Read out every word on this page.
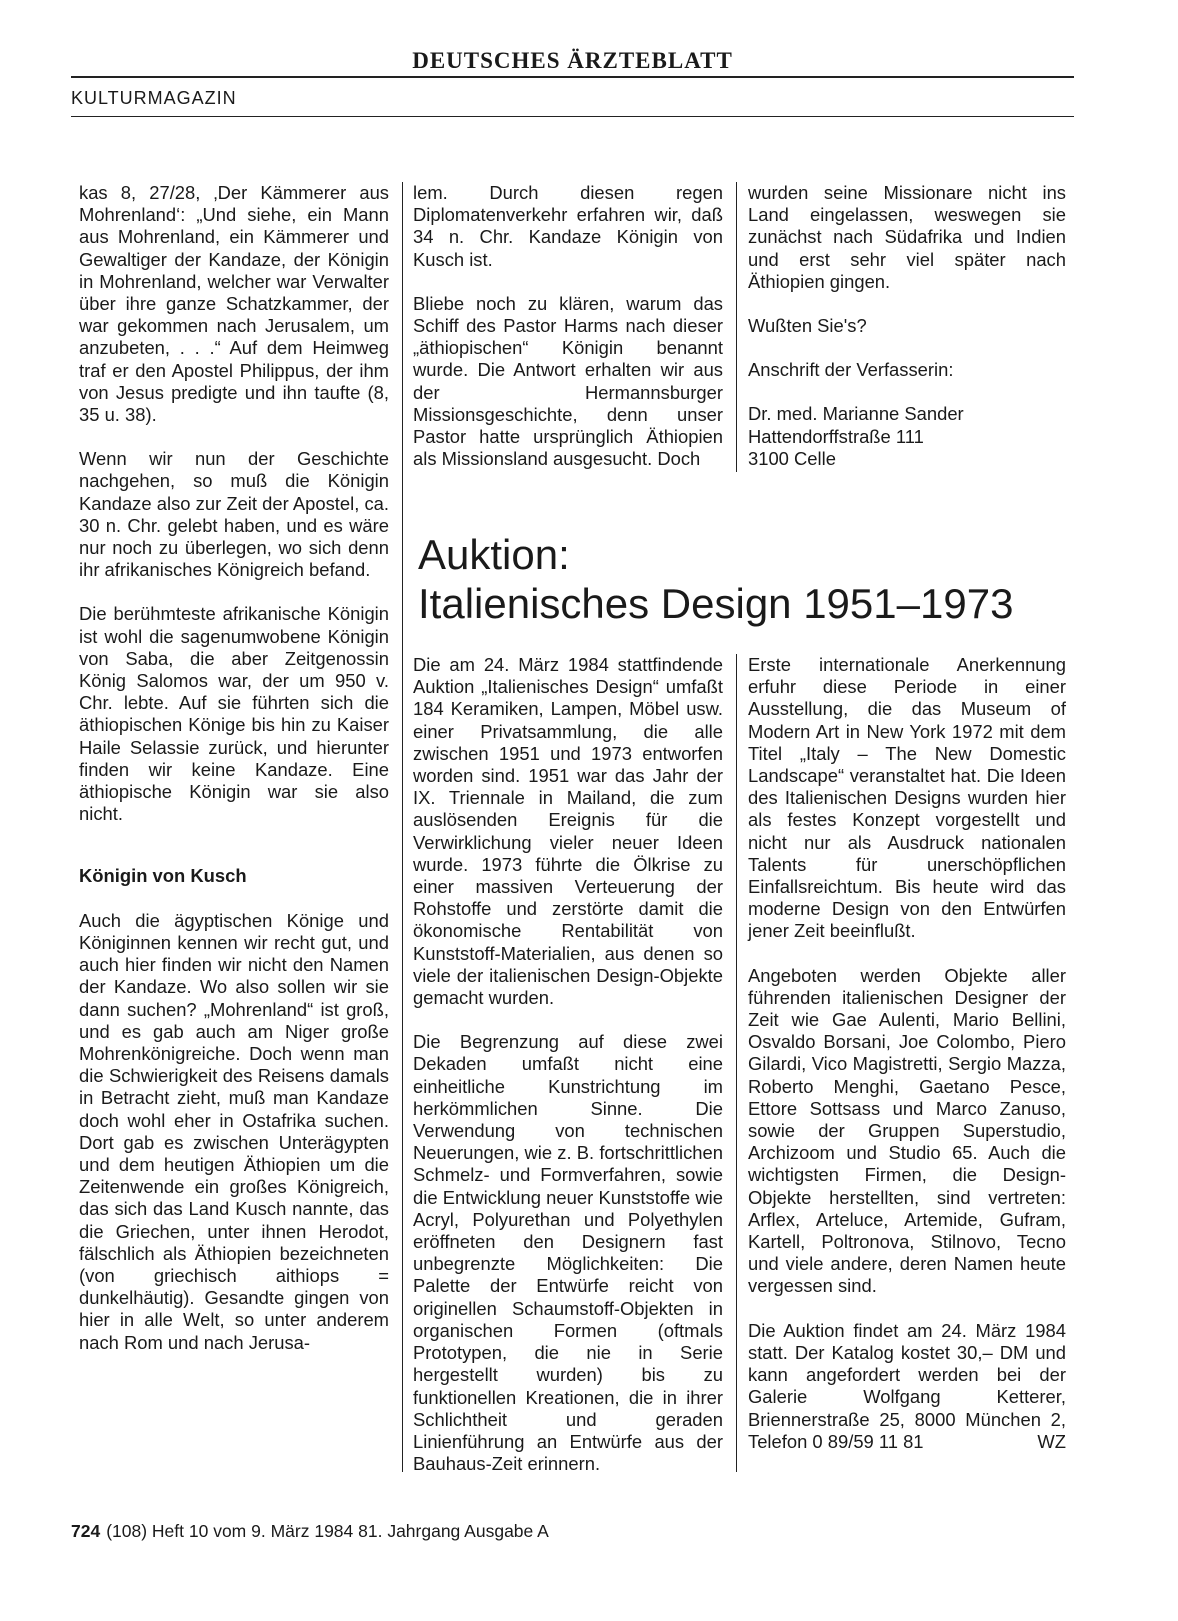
DEUTSCHES ÄRZTEBLATT
KULTURMAGAZIN

kas 8, 27/28, ‚Der Kämmerer aus Mohrenland‘: „Und siehe, ein Mann aus Mohrenland, ein Kämmerer und Gewaltiger der Kandaze, der Königin in Mohrenland, welcher war Verwalter über ihre ganze Schatzkammer, der war gekommen nach Jerusalem, um anzubeten, . . .“ Auf dem Heimweg traf er den Apostel Philippus, der ihm von Jesus predigte und ihn taufte (8, 35 u. 38).

Wenn wir nun der Geschichte nachgehen, so muß die Königin Kandaze also zur Zeit der Apostel, ca. 30 n. Chr. gelebt haben, und es wäre nur noch zu überlegen, wo sich denn ihr afrikanisches Königreich befand.

Die berühmteste afrikanische Königin ist wohl die sagenumwobene Königin von Saba, die aber Zeitgenossin König Salomos war, der um 950 v. Chr. lebte. Auf sie führten sich die äthiopischen Könige bis hin zu Kaiser Haile Selassie zurück, und hierunter finden wir keine Kandaze. Eine äthiopische Königin war sie also nicht.

Königin von Kusch

Auch die ägyptischen Könige und Königinnen kennen wir recht gut, und auch hier finden wir nicht den Namen der Kandaze. Wo also sollen wir sie dann suchen? „Mohrenland“ ist groß, und es gab auch am Niger große Mohrenkönigreiche. Doch wenn man die Schwierigkeit des Reisens damals in Betracht zieht, muß man Kandaze doch wohl eher in Ostafrika suchen. Dort gab es zwischen Unterägypten und dem heutigen Äthiopien um die Zeitenwende ein großes Königreich, das sich das Land Kusch nannte, das die Griechen, unter ihnen Herodot, fälschlich als Äthiopien bezeichneten (von griechisch aithiops = dunkelhäutig). Gesandte gingen von hier in alle Welt, so unter anderem nach Rom und nach Jerusa-

lem. Durch diesen regen Diplomatenverkehr erfahren wir, daß 34 n. Chr. Kandaze Königin von Kusch ist.

Bliebe noch zu klären, warum das Schiff des Pastor Harms nach dieser „äthiopischen“ Königin benannt wurde. Die Antwort erhalten wir aus der Hermannsburger Missionsgeschichte, denn unser Pastor hatte ursprünglich Äthiopien als Missionsland ausgesucht. Doch

wurden seine Missionare nicht ins Land eingelassen, weswegen sie zunächst nach Südafrika und Indien und erst sehr viel später nach Äthiopien gingen.

Wußten Sie's?

Anschrift der Verfasserin:

Dr. med. Marianne Sander
Hattendorffstraße 111
3100 Celle
Auktion:
Italienisches Design 1951–1973

Die am 24. März 1984 stattfindende Auktion „Italienisches Design“ umfaßt 184 Keramiken, Lampen, Möbel usw. einer Privatsammlung, die alle zwischen 1951 und 1973 entworfen worden sind. 1951 war das Jahr der IX. Triennale in Mailand, die zum auslösenden Ereignis für die Verwirklichung vieler neuer Ideen wurde. 1973 führte die Ölkrise zu einer massiven Verteuerung der Rohstoffe und zerstörte damit die ökonomische Rentabilität von Kunststoff-Materialien, aus denen so viele der italienischen Design-Objekte gemacht wurden.

Die Begrenzung auf diese zwei Dekaden umfaßt nicht eine einheitliche Kunstrichtung im herkömmlichen Sinne. Die Verwendung von technischen Neuerungen, wie z. B. fortschrittlichen Schmelz- und Formverfahren, sowie die Entwicklung neuer Kunststoffe wie Acryl, Polyurethan und Polyethylen eröffneten den Designern fast unbegrenzte Möglichkeiten: Die Palette der Entwürfe reicht von originellen Schaumstoff-Objekten in organischen Formen (oftmals Prototypen, die nie in Serie hergestellt wurden) bis zu funktionellen Kreationen, die in ihrer Schlichtheit und geraden Linienführung an Entwürfe aus der Bauhaus-Zeit erinnern.

Erste internationale Anerkennung erfuhr diese Periode in einer Ausstellung, die das Museum of Modern Art in New York 1972 mit dem Titel „Italy – The New Domestic Landscape“ veranstaltet hat. Die Ideen des Italienischen Designs wurden hier als festes Konzept vorgestellt und nicht nur als Ausdruck nationalen Talents für unerschöpflichen Einfallsreichtum. Bis heute wird das moderne Design von den Entwürfen jener Zeit beeinflußt.

Angeboten werden Objekte aller führenden italienischen Designer der Zeit wie Gae Aulenti, Mario Bellini, Osvaldo Borsani, Joe Colombo, Piero Gilardi, Vico Magistretti, Sergio Mazza, Roberto Menghi, Gaetano Pesce, Ettore Sottsass und Marco Zanuso, sowie der Gruppen Superstudio, Archizoom und Studio 65. Auch die wichtigsten Firmen, die Design-Objekte herstellten, sind vertreten: Arflex, Arteluce, Artemide, Gufram, Kartell, Poltronova, Stilnovo, Tecno und viele andere, deren Namen heute vergessen sind.

Die Auktion findet am 24. März 1984 statt. Der Katalog kostet 30,– DM und kann angefordert werden bei der Galerie Wolfgang Ketterer, Briennerstraße 25, 8000 München 2, Telefon 0 89/59 11 81	WZ

724 (108) Heft 10 vom 9. März 1984 81. Jahrgang Ausgabe A
